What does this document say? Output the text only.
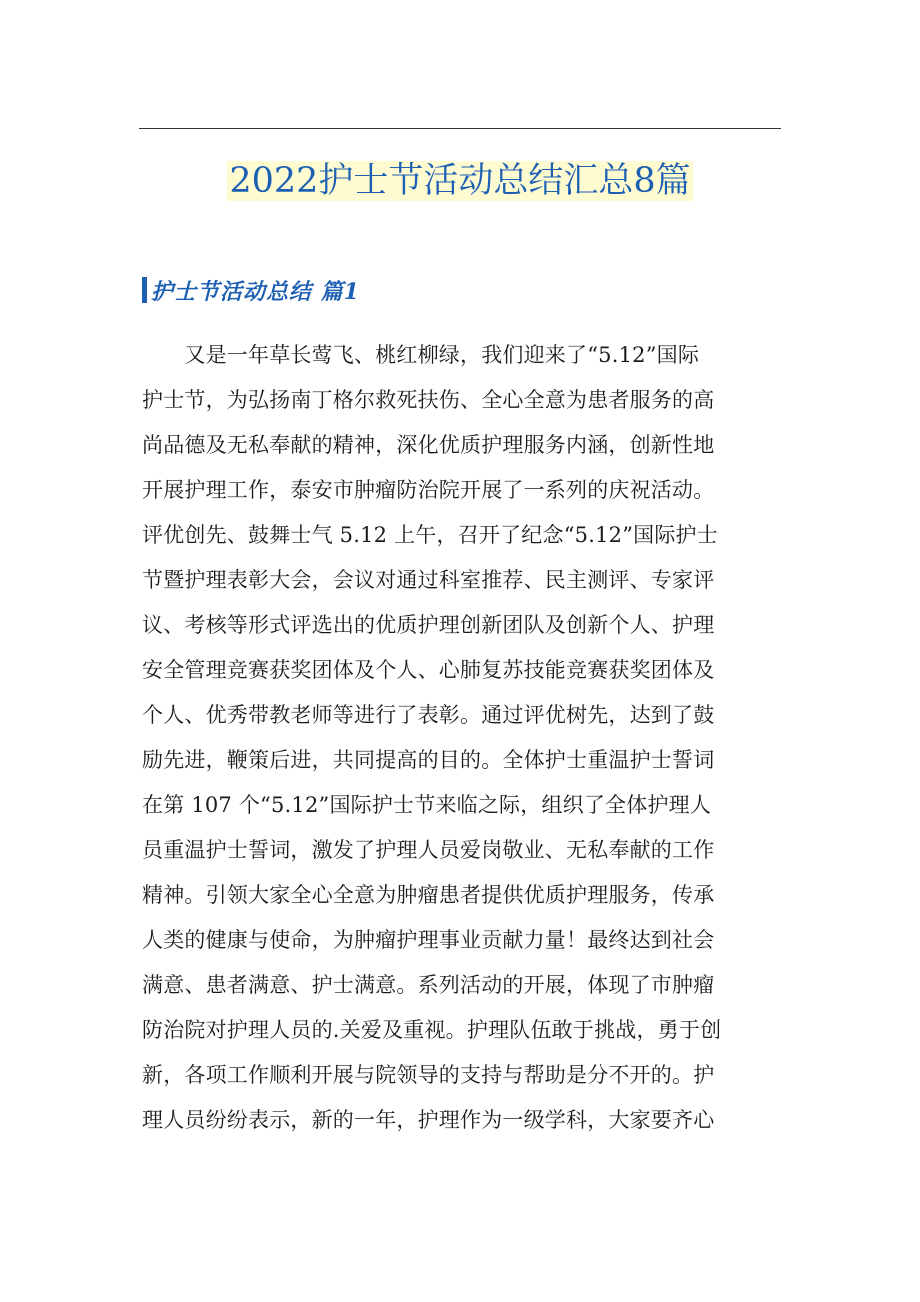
2022护士节活动总结汇总8篇
护士节活动总结 篇1
　　又是一年草长莺飞、桃红柳绿，我们迎来了“5.12”国际
护士节，为弘扬南丁格尔救死扶伤、全心全意为患者服务的高
尚品德及无私奉献的精神，深化优质护理服务内涵，创新性地
开展护理工作，泰安市肿瘤防治院开展了一系列的庆祝活动。
评优创先、鼓舞士气 5.12 上午，召开了纪念“5.12”国际护士
节暨护理表彰大会，会议对通过科室推荐、民主测评、专家评
议、考核等形式评选出的优质护理创新团队及创新个人、护理
安全管理竞赛获奖团体及个人、心肺复苏技能竞赛获奖团体及
个人、优秀带教老师等进行了表彰。通过评优树先，达到了鼓
励先进，鞭策后进，共同提高的目的。全体护士重温护士誓词
在第 107 个“5.12”国际护士节来临之际，组织了全体护理人
员重温护士誓词，激发了护理人员爱岗敬业、无私奉献的工作
精神。引领大家全心全意为肿瘤患者提供优质护理服务，传承
人类的健康与使命，为肿瘤护理事业贡献力量！最终达到社会
满意、患者满意、护士满意。系列活动的开展，体现了市肿瘤
防治院对护理人员的.关爱及重视。护理队伍敢于挑战，勇于创
新，各项工作顺利开展与院领导的支持与帮助是分不开的。护
理人员纷纷表示，新的一年，护理作为一级学科，大家要齐心
